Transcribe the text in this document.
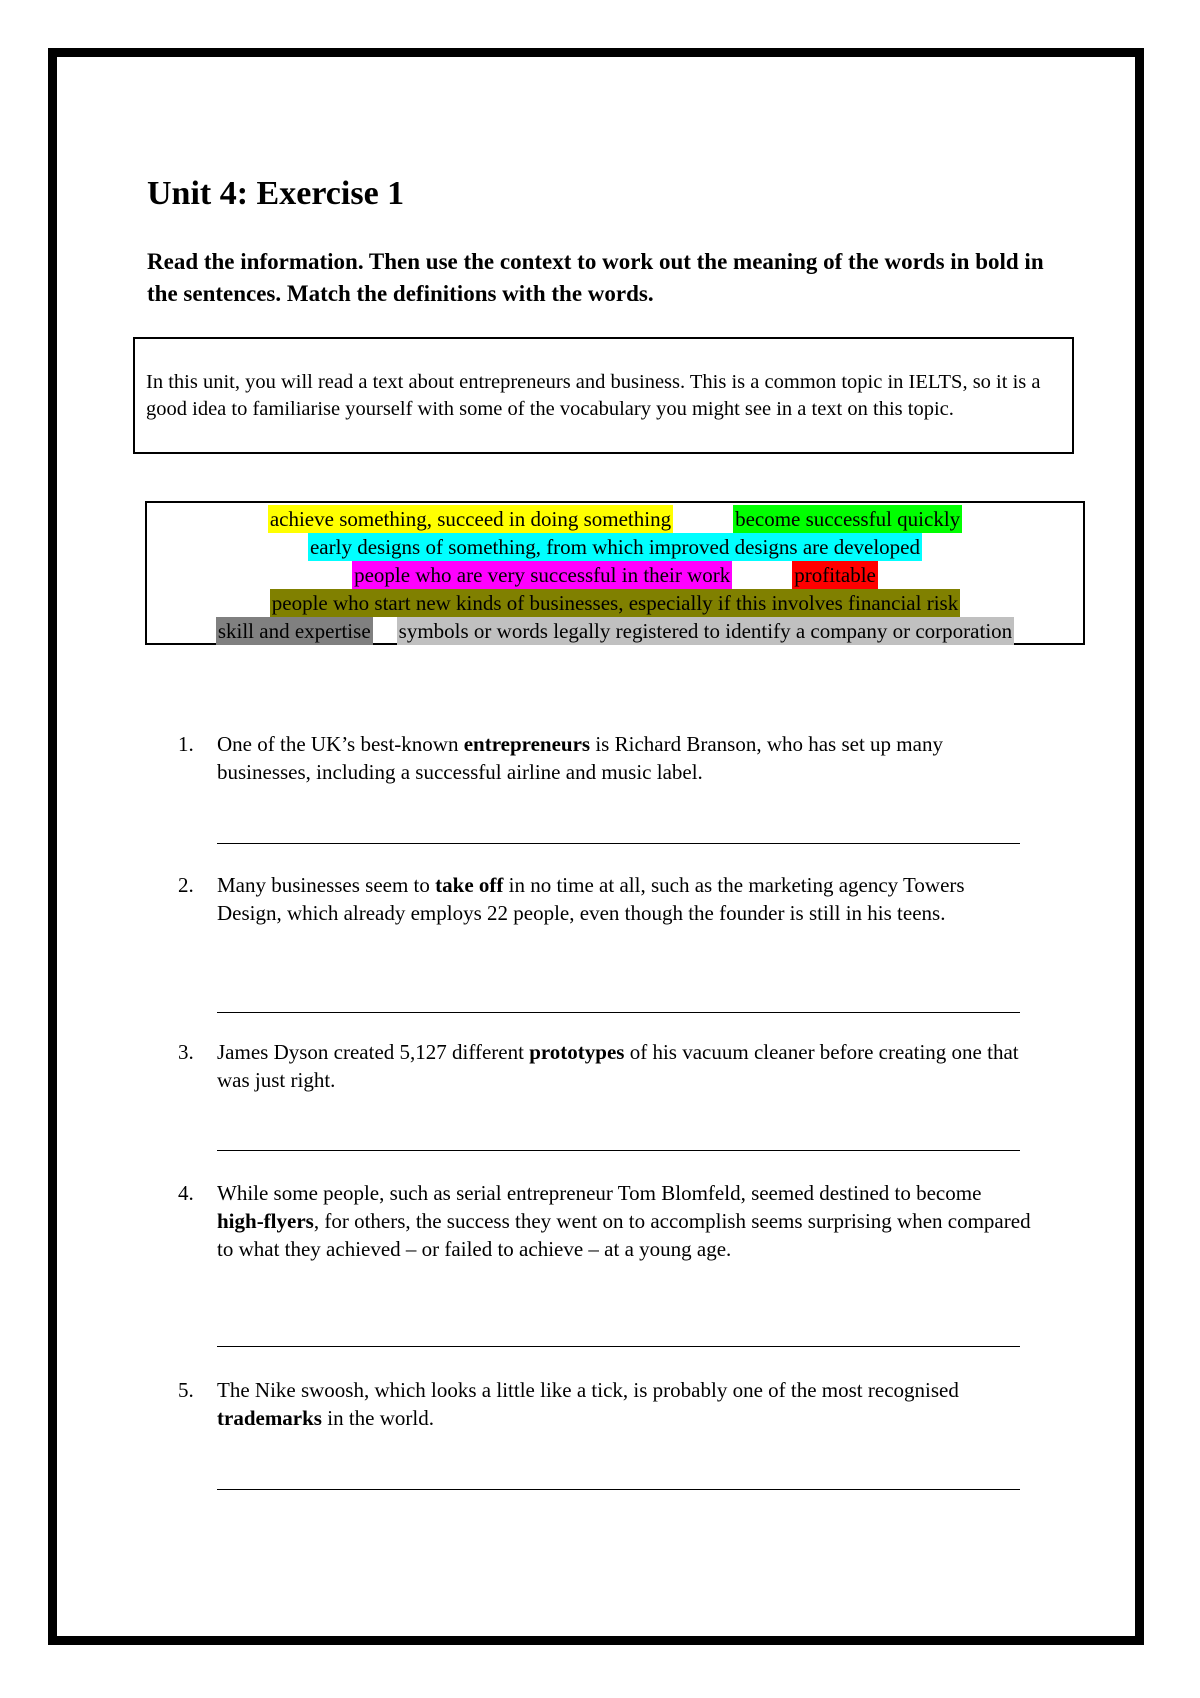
Unit 4: Exercise 1

Read the information. Then use the context to work out the meaning of the words in bold in the sentences. Match the definitions with the words.

In this unit, you will read a text about entrepreneurs and business. This is a common topic in IELTS, so it is a good idea to familiarise yourself with some of the vocabulary you might see in a text on this topic.
achieve something, succeed in doing something	become successful quickly
early designs of something, from which improved designs are developed
people who are very successful in their work	profitable
people who start new kinds of businesses, especially if this involves financial risk
skill and expertise symbols or words legally registered to identify a company or corporation
1.	One of the UK’s best-known entrepreneurs is Richard Branson, who has set up many businesses, including a successful airline and music label.
2.	Many businesses seem to take off in no time at all, such as the marketing agency Towers Design, which already employs 22 people, even though the founder is still in his teens.
3.	James Dyson created 5,127 different prototypes of his vacuum cleaner before creating one that was just right.
4.	While some people, such as serial entrepreneur Tom Blomfeld, seemed destined to become high-flyers, for others, the success they went on to accomplish seems surprising when compared to what they achieved – or failed to achieve – at a young age.
5.	The Nike swoosh, which looks a little like a tick, is probably one of the most recognised trademarks in the world.
